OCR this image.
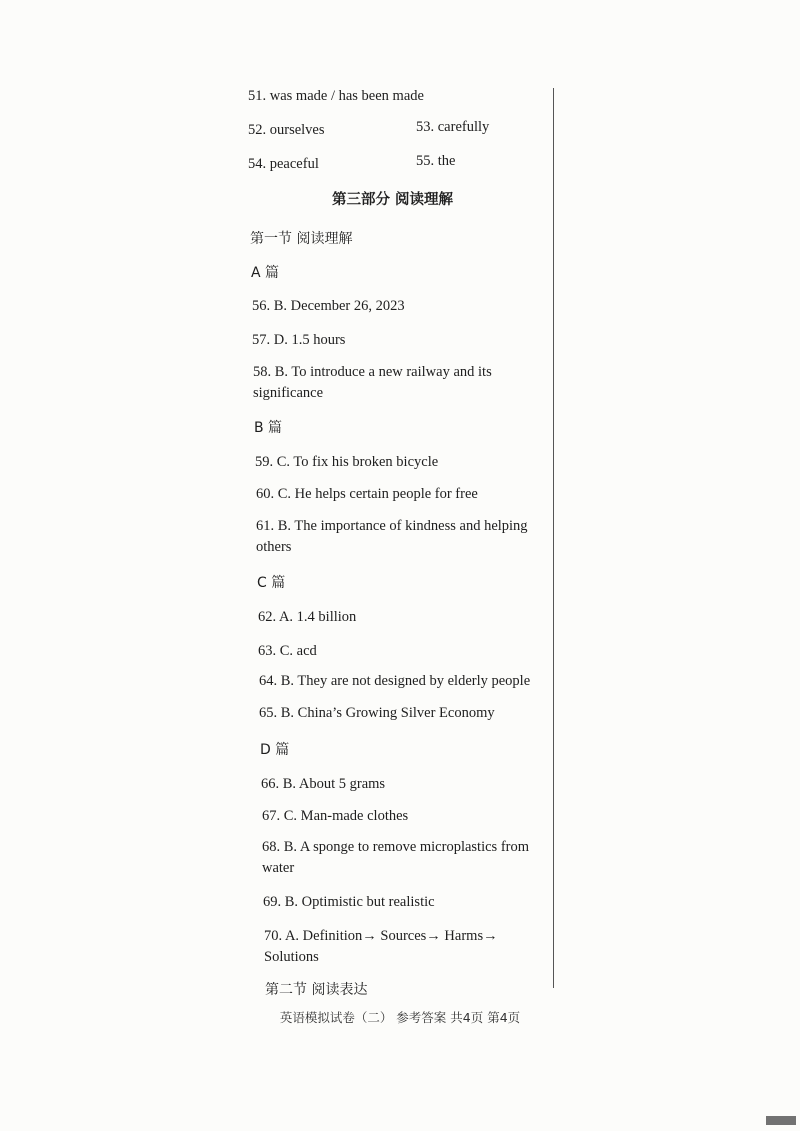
51. was made / has been made
52. ourselves	53. carefully
54. peaceful	55. the
第三部分 阅读理解
第一节 阅读理解
A 篇
56. B. December 26, 2023
57. D. 1.5 hours
58. B. To introduce a new railway and its significance
B 篇
59. C. To fix his broken bicycle
60. C. He helps certain people for free
61. B. The importance of kindness and helping others
C 篇
62. A. 1.4 billion
63. C. acd
64. B. They are not designed by elderly people
65. B. China’s Growing Silver Economy
D 篇
66. B. About 5 grams
67. C. Man-made clothes
68. B. A sponge to remove microplastics from water
69. B. Optimistic but realistic
70. A. Definition→ Sources→ Harms→ Solutions
第二节 阅读表达
英语模拟试卷（二） 参考答案 共4页 第4页
